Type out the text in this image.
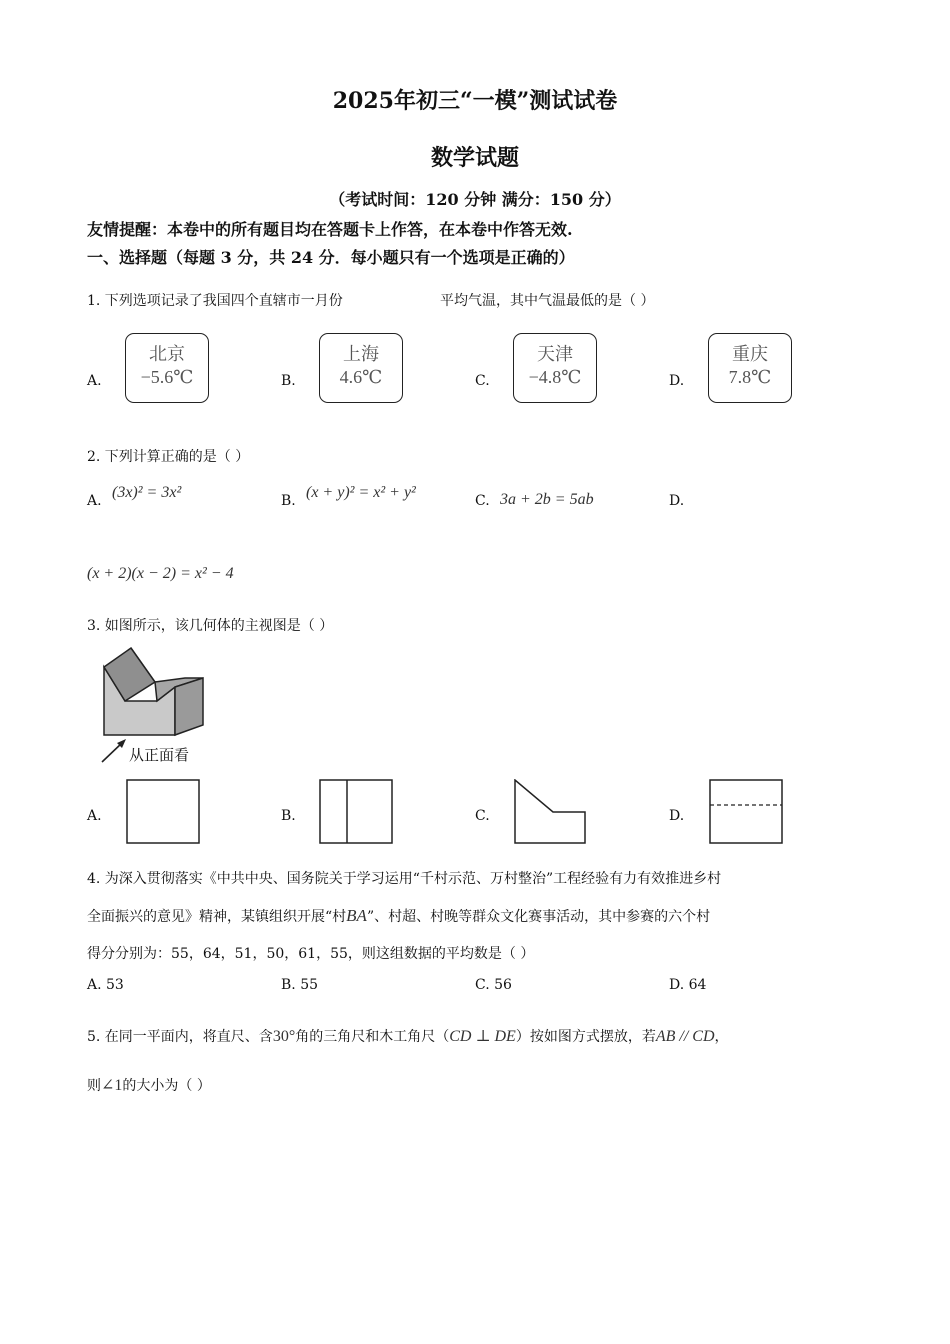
2025年初三“一模”测试试卷
数学试题
（考试时间：120 分钟 满分：150 分）
友情提醒：本卷中的所有题目均在答题卡上作答，在本卷中作答无效.
一、选择题（每题 3 分，共 24 分．每小题只有一个选项是正确的）
1. 下列选项记录了我国四个直辖市一月份	平均气温，其中气温最低的是（ ）
A.
北京
−5.6℃	B.
上海
4.6℃	C.
天津
−4.8℃	D.
重庆
7.8℃
2. 下列计算正确的是（ ）
A. (3x)² = 3x²	B. (x + y)² = x² + y²	C. 3a + 2b = 5ab	D.
(x + 2)(x − 2) = x² − 4
3. 如图所示，该几何体的主视图是（ ）
从正面看
A.	B.	C.	D.
4. 为深入贯彻落实《中共中央、国务院关于学习运用“千村示范、万村整治”工程经验有力有效推进乡村
全面振兴的意见》精神，某镇组织开展“村BA”、村超、村晚等群众文化赛事活动，其中参赛的六个村
得分分别为：55，64，51，50，61，55，则这组数据的平均数是（ ）
A. 53	B. 55	C. 56	D. 64
5. 在同一平面内，将直尺、含30°角的三角尺和木工角尺（CD ⊥ DE）按如图方式摆放，若AB // CD，
则∠1的大小为（ ）
